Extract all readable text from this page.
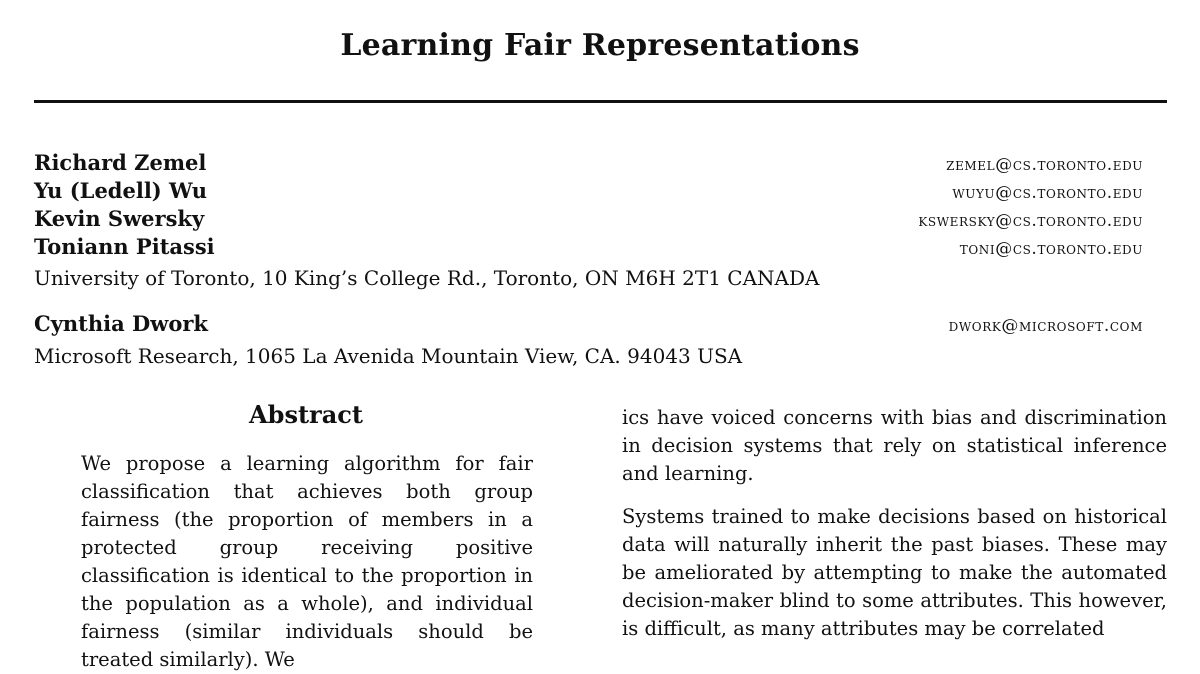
Learning Fair Representations
Richard Zemel	zemel@cs.toronto.edu
Yu (Ledell) Wu	wuyu@cs.toronto.edu
Kevin Swersky	kswersky@cs.toronto.edu
Toniann Pitassi	toni@cs.toronto.edu
University of Toronto, 10 King’s College Rd., Toronto, ON M6H 2T1 CANADA
Cynthia Dwork	dwork@microsoft.com
Microsoft Research, 1065 La Avenida Mountain View, CA. 94043 USA
Abstract
We propose a learning algorithm for fair classification that achieves both group fairness (the proportion of members in a protected group receiving positive classification is identical to the proportion in the population as a whole), and individual fairness (similar individuals should be treated similarly). We

ics have voiced concerns with bias and discrimination in decision systems that rely on statistical inference and learning.

Systems trained to make decisions based on historical data will naturally inherit the past biases. These may be ameliorated by attempting to make the automated decision-maker blind to some attributes. This however, is difficult, as many attributes may be correlated
